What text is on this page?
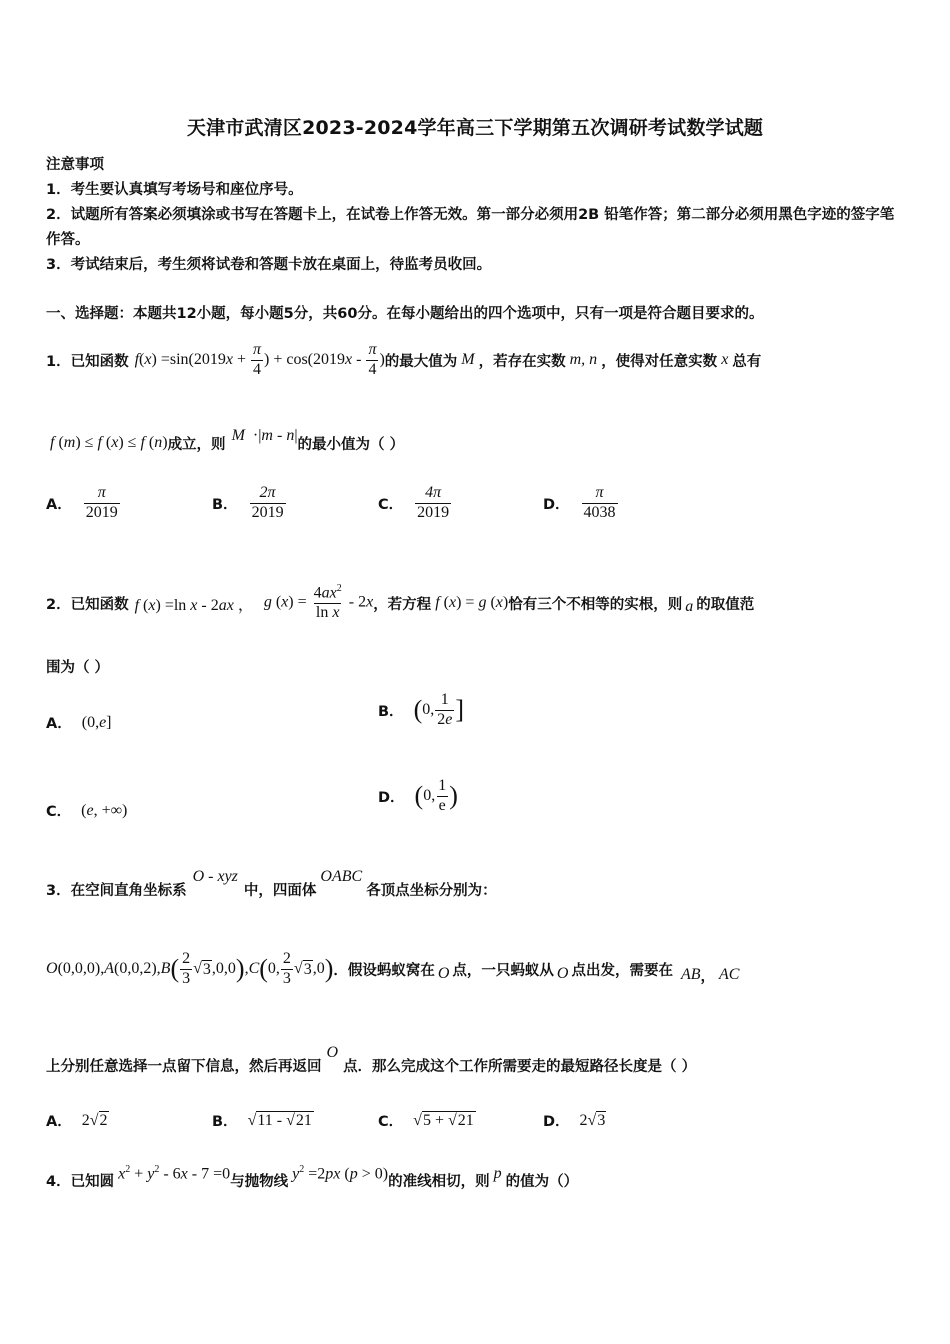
天津市武清区2023-2024学年高三下学期第五次调研考试数学试题
注意事项
1．考生要认真填写考场号和座位序号。
2．试题所有答案必须填涂或书写在答题卡上，在试卷上作答无效。第一部分必须用2B 铅笔作答；第二部分必须用黑色字迹的签字笔作答。
3．考试结束后，考生须将试卷和答题卡放在桌面上，待监考员收回。
一、选择题：本题共12小题，每小题5分，共60分。在每小题给出的四个选项中，只有一项是符合题目要求的。
1．已知函数 $f(x) =\sin(2019x + \frac{\pi}{4}$ ) + $\cos(2019x - \frac{\pi}{4}$ ) 的最大值为 M ，若存在实数 m, n ，使得对任意实数 x 总有
f (m) ≤ f (x) ≤ f (n) 成立，则
M  ·|m - n|
的最小值为（ ）
A． $\frac{\pi}{2019}$	B． $\frac{2\pi}{2019}$	C． $\frac{4\pi}{2019}$	D． $\frac{\pi}{4038}$
2．已知函数 f (x) =ln x - 2ax ， g $(x) = \frac{4ax^2}{\text{ln x}} - 2x$ ，若方程 f (x) = g (x) 恰有三个不相等的实根，则 a 的取值范
围为（ ）
A． (0,e]
B． ( 0, $\frac{1}{2e}$ ]
C． (e, +∞)
D． ( 0, $\frac{1}{e}$ )
3．在空间直角坐标系
O - xyz
中，四面体
OABC
各顶点坐标分别为：
O (0,0,0), A (0,0,2), B ( $\frac{2}{3}$ √ 3 ,0,0 ) , C ( 0, $\frac{2}{3}$ √ 3 ,0 ) ．假设蚂蚁窝在 O 点，一只蚂蚁从 O 点出发，需要在 AB ， AC
上分别任意选择一点留下信息，然后再返回
O
点．那么完成这个工作所需要走的最短路径长度是（ ）
A． 2√2	B． √11 - √21	C． √5 + √21	D． 2√3
4．已知圆 $x^2 + y^2 - 6x - 7 =0$ 与抛物线 $y^2 =2px$ (p > 0) 的准线相切，则 p 的值为（）
